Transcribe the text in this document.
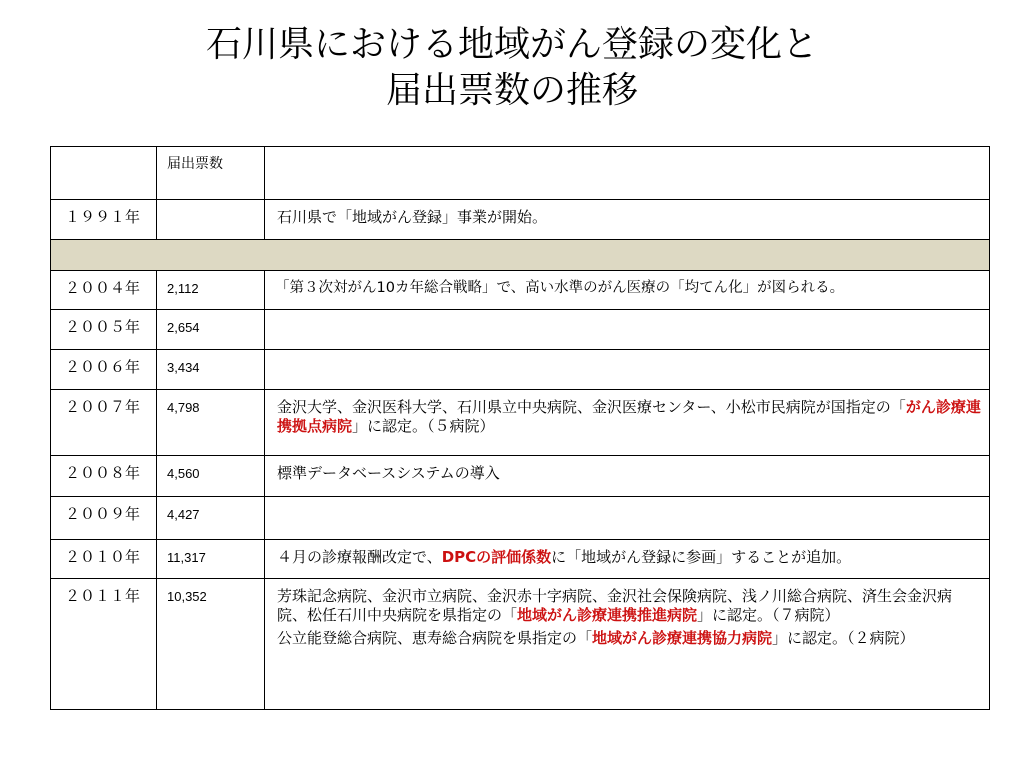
石川県における地域がん登録の変化と
届出票数の推移
	届出票数	
１９９１年		石川県で「地域がん登録」事業が開始。

２００４年	2,112	「第３次対がん10カ年総合戦略」で、高い水準のがん医療の「均てん化」が図られる。
２００５年	2,654	
２００６年	3,434	
２００７年	4,798	金沢大学、金沢医科大学、石川県立中央病院、金沢医療センター、小松市民病院が国指定の「がん診療連携拠点病院」に認定。（５病院）
２００８年	4,560	標準データベースシステムの導入
２００９年	4,427	
２０１０年	11,317	４月の診療報酬改定で、DPCの評価係数に「地域がん登録に参画」することが追加。
２０１１年	10,352	芳珠記念病院、金沢市立病院、金沢赤十字病院、金沢社会保険病院、浅ノ川総合病院、済生会金沢病院、松任石川中央病院を県指定の「地域がん診療連携推進病院」に認定。（７病院）
公立能登総合病院、恵寿総合病院を県指定の「地域がん診療連携協力病院」に認定。（２病院）
